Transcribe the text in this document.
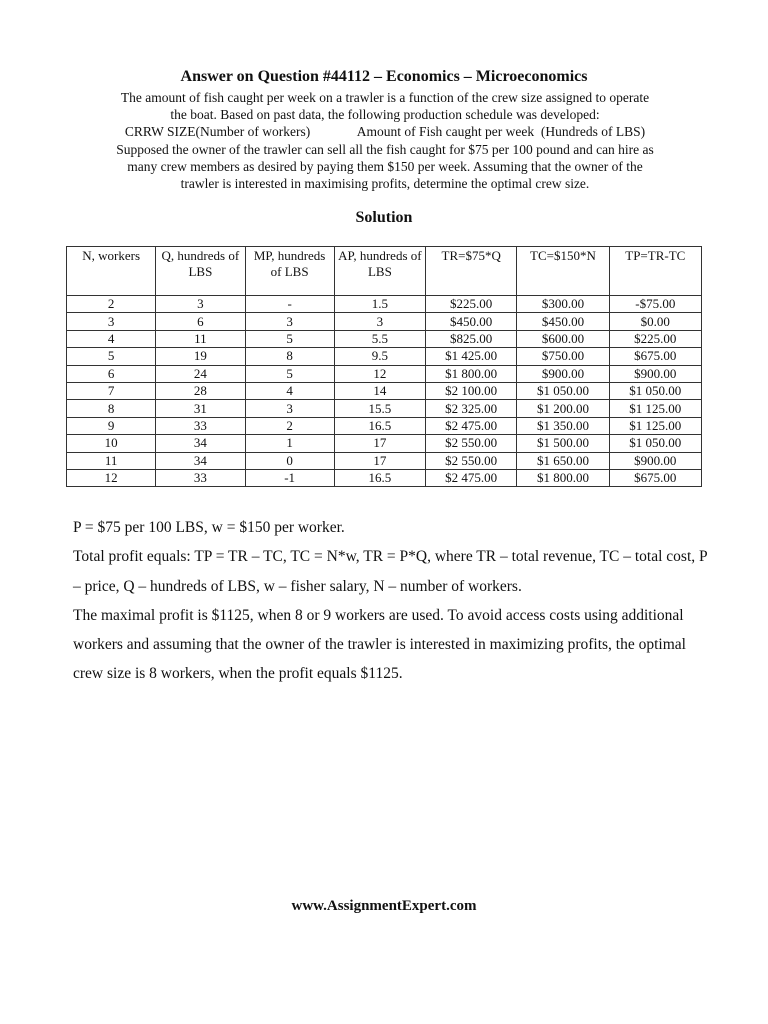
Answer on Question #44112 – Economics – Microeconomics
The amount of fish caught per week on a trawler is a function of the crew size assigned to operate
the boat. Based on past data, the following production schedule was developed:
CRRW SIZE(Number of workers)              Amount of Fish caught per week  (Hundreds of LBS)
Supposed the owner of the trawler can sell all the fish caught for $75 per 100 pound and can hire as
many crew members as desired by paying them $150 per week. Assuming that the owner of the
trawler is interested in maximising profits, determine the optimal crew size.
Solution
N, workers	Q, hundreds of LBS	MP, hundreds of LBS	AP, hundreds of LBS	TR=$75*Q	TC=$150*N	TP=TR-TC
2	3	-	1.5	$225.00	$300.00	-$75.00
3	6	3	3	$450.00	$450.00	$0.00
4	11	5	5.5	$825.00	$600.00	$225.00
5	19	8	9.5	$1 425.00	$750.00	$675.00
6	24	5	12	$1 800.00	$900.00	$900.00
7	28	4	14	$2 100.00	$1 050.00	$1 050.00
8	31	3	15.5	$2 325.00	$1 200.00	$1 125.00
9	33	2	16.5	$2 475.00	$1 350.00	$1 125.00
10	34	1	17	$2 550.00	$1 500.00	$1 050.00
11	34	0	17	$2 550.00	$1 650.00	$900.00
12	33	-1	16.5	$2 475.00	$1 800.00	$675.00

P = $75 per 100 LBS, w = $150 per worker.

Total profit equals: TP = TR – TC, TC = N*w, TR = P*Q, where TR – total revenue, TC – total cost, P – price, Q – hundreds of LBS, w – fisher salary, N – number of workers.

The maximal profit is $1125, when 8 or 9 workers are used. To avoid access costs using additional workers and assuming that the owner of the trawler is interested in maximizing profits, the optimal crew size is 8 workers, when the profit equals $1125.

www.AssignmentExpert.com
